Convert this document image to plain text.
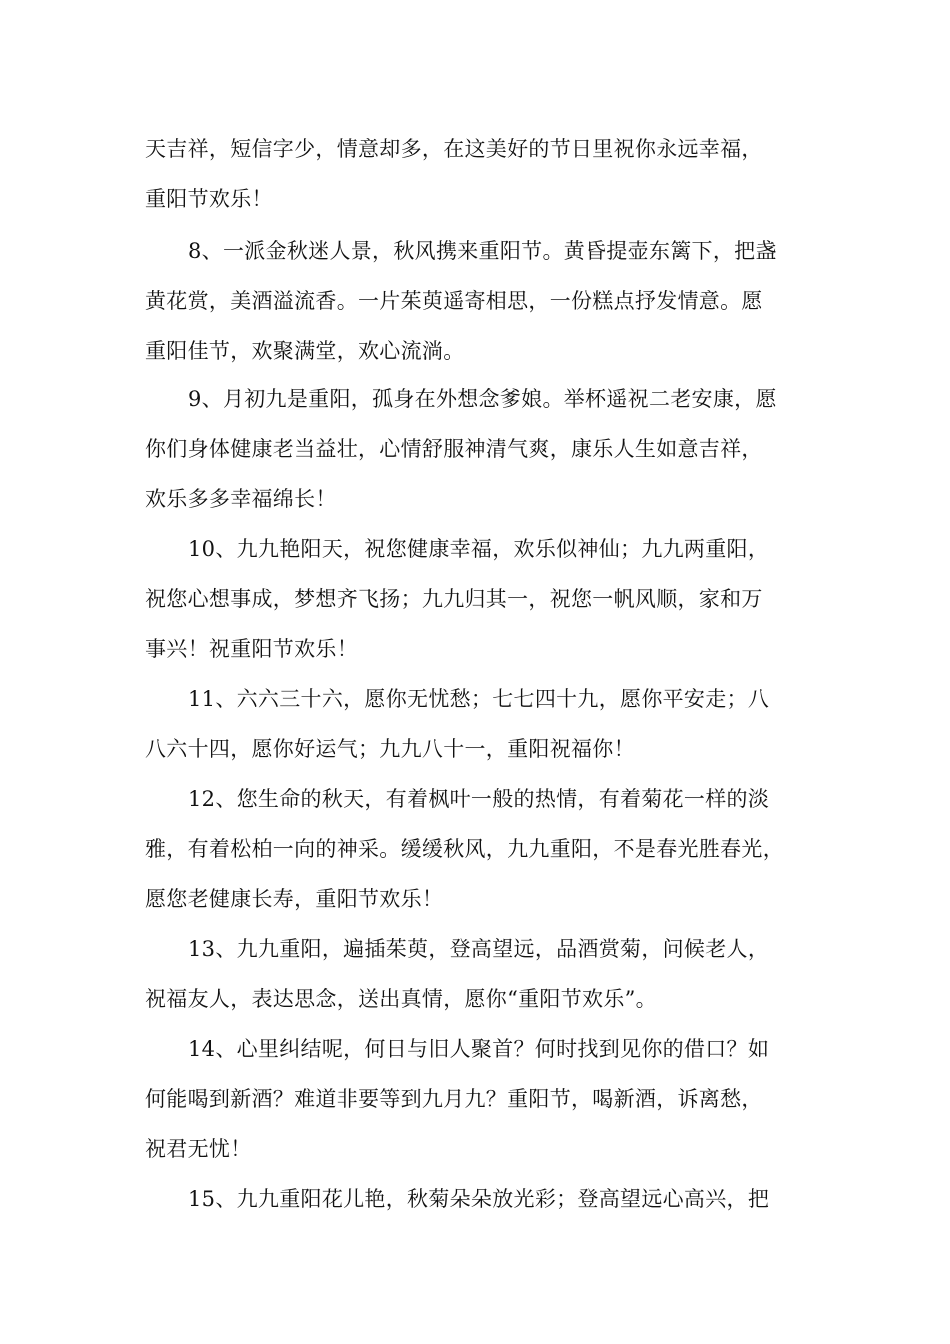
天吉祥，短信字少，情意却多，在这美好的节日里祝你永远幸福，
重阳节欢乐！
8、一派金秋迷人景，秋风携来重阳节。黄昏提壶东篱下，把盏
黄花赏，美酒溢流香。一片茱萸遥寄相思，一份糕点抒发情意。愿
重阳佳节，欢聚满堂，欢心流淌。
9、月初九是重阳，孤身在外想念爹娘。举杯遥祝二老安康，愿
你们身体健康老当益壮，心情舒服神清气爽，康乐人生如意吉祥，
欢乐多多幸福绵长！
10、九九艳阳天，祝您健康幸福，欢乐似神仙；九九两重阳，
祝您心想事成，梦想齐飞扬；九九归其一，祝您一帆风顺，家和万
事兴！祝重阳节欢乐！
11、六六三十六，愿你无忧愁；七七四十九，愿你平安走；八
八六十四，愿你好运气；九九八十一，重阳祝福你！
12、您生命的秋天，有着枫叶一般的热情，有着菊花一样的淡
雅，有着松柏一向的神采。缓缓秋风，九九重阳，不是春光胜春光，
愿您老健康长寿，重阳节欢乐！
13、九九重阳，遍插茱萸，登高望远，品酒赏菊，问候老人，
祝福友人，表达思念，送出真情，愿你“重阳节欢乐”。
14、心里纠结呢，何日与旧人聚首？何时找到见你的借口？如
何能喝到新酒？难道非要等到九月九？重阳节，喝新酒，诉离愁，
祝君无忧！
15、九九重阳花儿艳，秋菊朵朵放光彩；登高望远心高兴，把
